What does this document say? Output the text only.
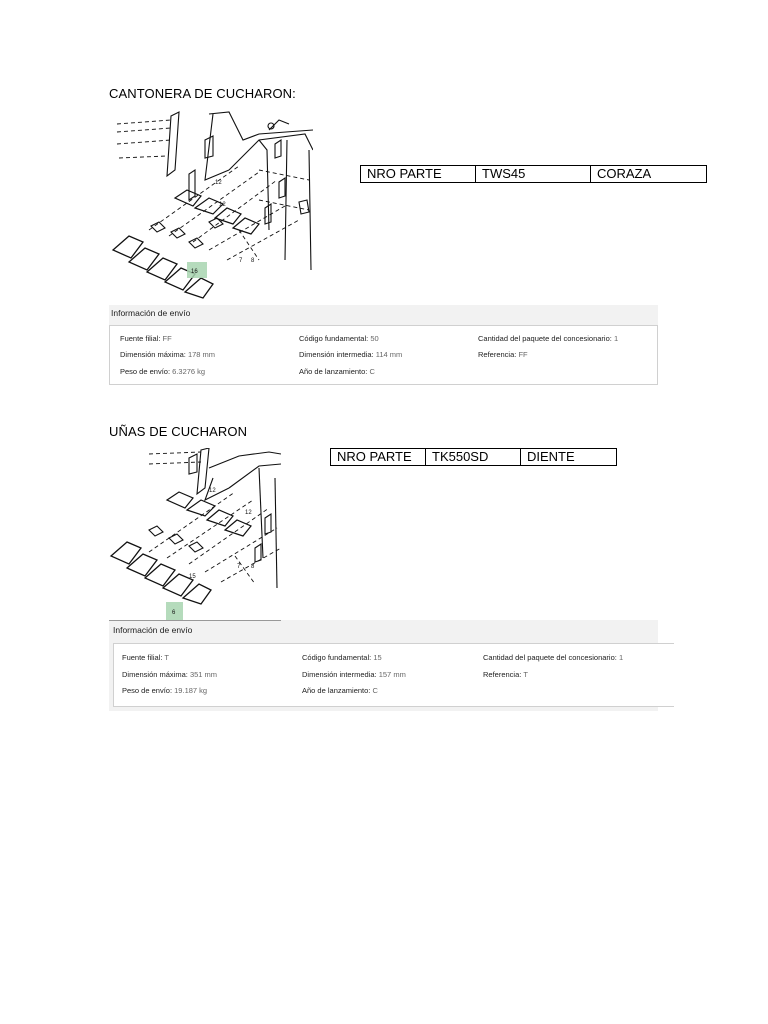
CANTONERA DE CUCHARON:
12
12
7 8
16
NRO PARTE	TWS45	CORAZA
Información de envío
Fuente filial: FF	Código fundamental: 50	Cantidad del paquete del concesionario: 1
Dimensión máxima: 178 mm	Dimensión intermedia: 114 mm	Referencia: FF
Peso de envío: 6.3276 kg	Año de lanzamiento: C
UÑAS DE CUCHARON
12
12
7 8
15
6
NRO PARTE	TK550SD	DIENTE
Información de envío
Fuente filial: T	Código fundamental: 15	Cantidad del paquete del concesionario: 1
Dimensión máxima: 351 mm	Dimensión intermedia: 157 mm	Referencia: T
Peso de envío: 19.187 kg	Año de lanzamiento: C
